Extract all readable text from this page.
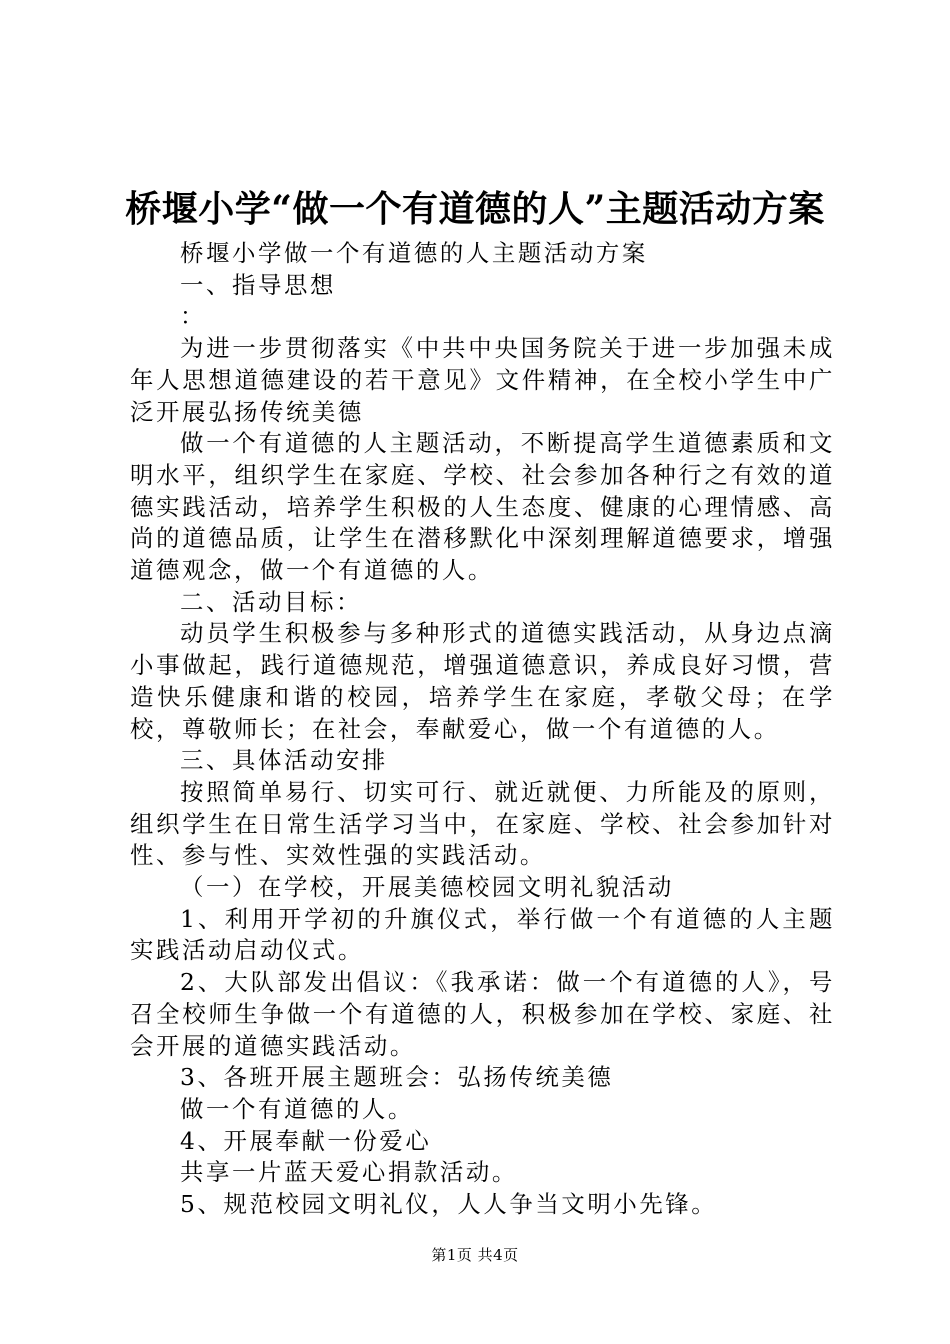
桥堰小学“做一个有道德的人”主题活动方案

桥堰小学做一个有道德的人主题活动方案

一、指导思想

：

为进一步贯彻落实《中共中央国务院关于进一步加强未成年人思想道德建设的若干意见》文件精神，在全校小学生中广泛开展弘扬传统美德

做一个有道德的人主题活动，不断提高学生道德素质和文明水平，组织学生在家庭、学校、社会参加各种行之有效的道德实践活动，培养学生积极的人生态度、健康的心理情感、高尚的道德品质，让学生在潜移默化中深刻理解道德要求，增强道德观念，做一个有道德的人。

二、活动目标：

动员学生积极参与多种形式的道德实践活动，从身边点滴小事做起，践行道德规范，增强道德意识，养成良好习惯，营造快乐健康和谐的校园，培养学生在家庭，孝敬父母；在学校，尊敬师长；在社会，奉献爱心，做一个有道德的人。

三、具体活动安排

按照简单易行、切实可行、就近就便、力所能及的原则，组织学生在日常生活学习当中，在家庭、学校、社会参加针对性、参与性、实效性强的实践活动。

（一）在学校，开展美德校园文明礼貌活动

1、利用开学初的升旗仪式，举行做一个有道德的人主题实践活动启动仪式。

2、大队部发出倡议：《我承诺：做一个有道德的人》，号召全校师生争做一个有道德的人，积极参加在学校、家庭、社会开展的道德实践活动。

3、各班开展主题班会：弘扬传统美德

做一个有道德的人。

4、开展奉献一份爱心

共享一片蓝天爱心捐款活动。

5、规范校园文明礼仪，人人争当文明小先锋。

第1页 共4页
